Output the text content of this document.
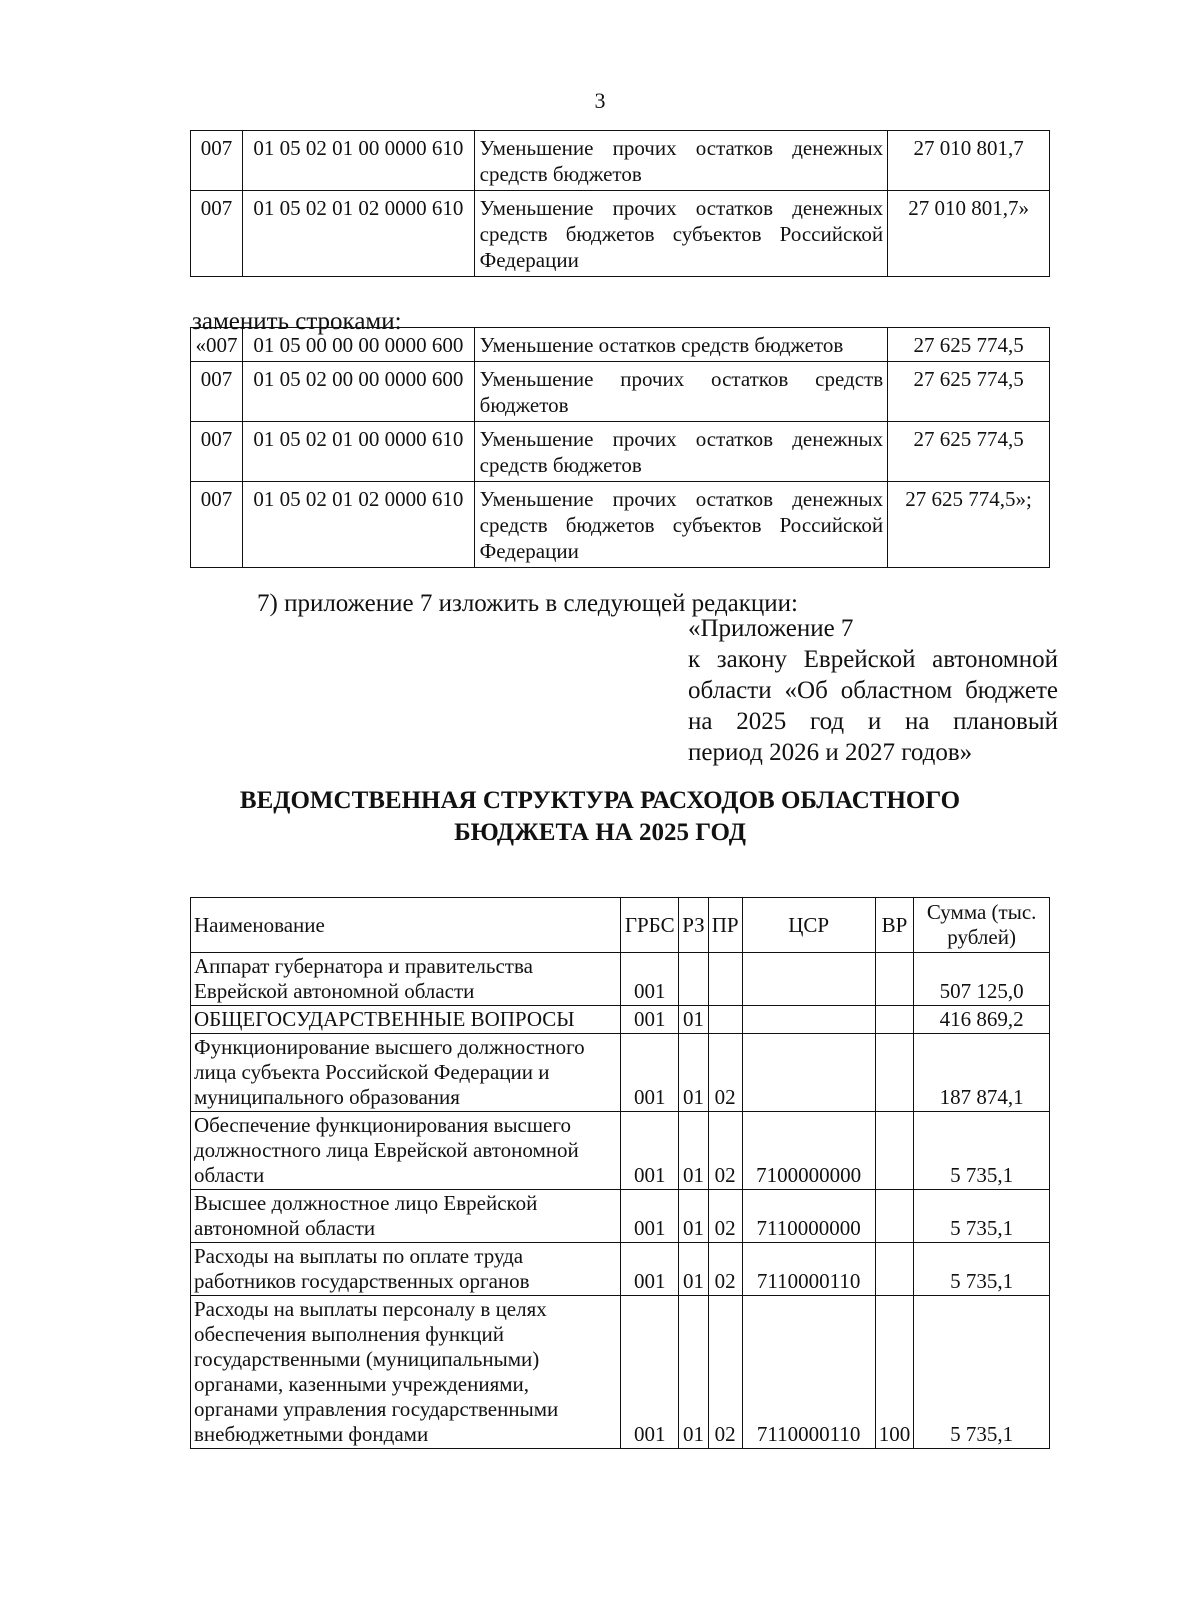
3
007	01 05 02 01 00 0000 610	Уменьшение прочих остатков денежных средств бюджетов	27 010 801,7
007	01 05 02 01 02 0000 610	Уменьшение прочих остатков денежных средств бюджетов субъектов Российской Федерации	27 010 801,7»
заменить строками:
«007	01 05 00 00 00 0000 600	Уменьшение остатков средств бюджетов	27 625 774,5
007	01 05 02 00 00 0000 600	Уменьшение прочих остатков средств бюджетов	27 625 774,5
007	01 05 02 01 00 0000 610	Уменьшение прочих остатков денежных средств бюджетов	27 625 774,5
007	01 05 02 01 02 0000 610	Уменьшение прочих остатков денежных средств бюджетов субъектов Российской Федерации	27 625 774,5»;
7) приложение 7 изложить в следующей редакции:
«Приложение 7
к закону Еврейской автономной
области «Об областном бюджете
на 2025 год и на плановый
период 2026 и 2027 годов»
ВЕДОМСТВЕННАЯ СТРУКТУРА РАСХОДОВ ОБЛАСТНОГО
БЮДЖЕТА НА 2025 ГОД
Наименование	ГРБС	РЗ	ПР	ЦСР	ВР	Сумма (тыс. рублей)
Аппарат губернатора и правительства Еврейской автономной области	001					507 125,0
ОБЩЕГОСУДАРСТВЕННЫЕ ВОПРОСЫ	001	01				416 869,2
Функционирование высшего должностного лица субъекта Российской Федерации и муниципального образования	001	01	02			187 874,1
Обеспечение функционирования высшего должностного лица Еврейской автономной области	001	01	02	7100000000		5 735,1
Высшее должностное лицо Еврейской автономной области	001	01	02	7110000000		5 735,1
Расходы на выплаты по оплате труда работников государственных органов	001	01	02	7110000110		5 735,1
Расходы на выплаты персоналу в целях обеспечения выполнения функций государственными (муниципальными) органами, казенными учреждениями, органами управления государственными внебюджетными фондами	001	01	02	7110000110	100	5 735,1
